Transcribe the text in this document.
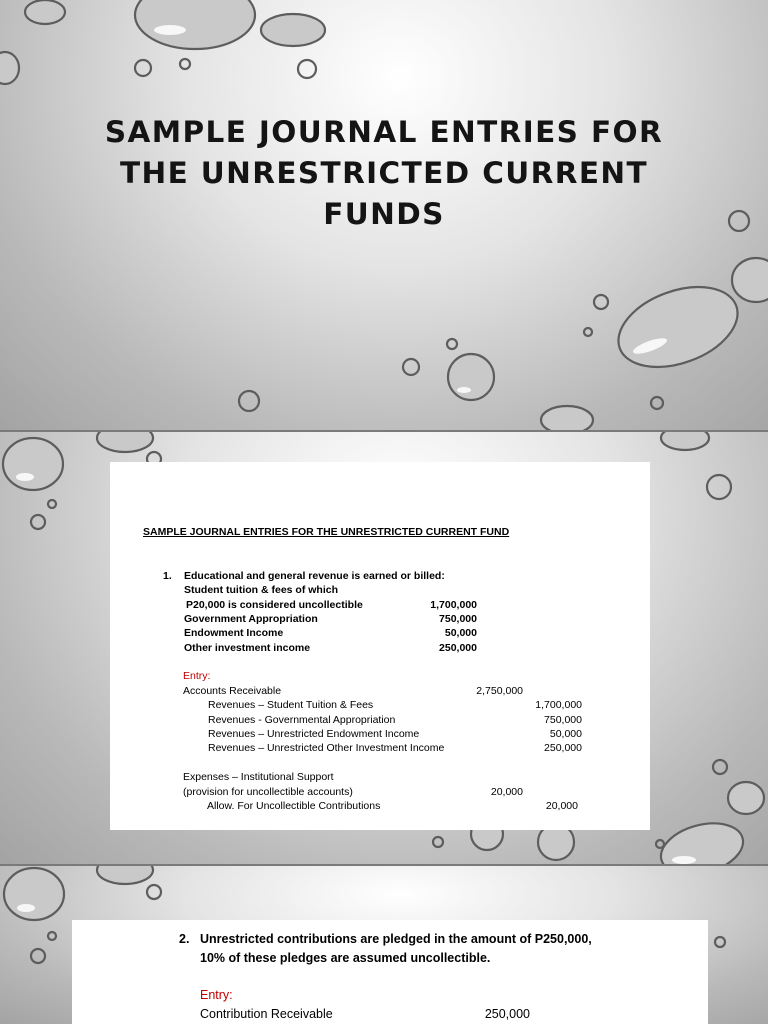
SAMPLE JOURNAL ENTRIES FOR THE UNRESTRICTED CURRENT FUNDS
SAMPLE JOURNAL ENTRIES FOR THE UNRESTRICTED CURRENT FUND
1. Educational and general revenue is earned or billed:
Student tuition & fees of which
P20,000 is considered uncollectible	1,700,000
Government Appropriation	750,000
Endowment Income	50,000
Other investment income	250,000
Entry:
Accounts Receivable	2,750,000
Revenues – Student Tuition & Fees	1,700,000
Revenues - Governmental Appropriation	750,000
Revenues – Unrestricted Endowment Income	50,000
Revenues – Unrestricted Other Investment Income	250,000
Expenses – Institutional Support
(provision for uncollectible accounts)	20,000
Allow. For Uncollectible Contributions	20,000
2. Unrestricted contributions are pledged in the amount of P250,000,
10% of these pledges are assumed uncollectible.
Entry:
Contribution Receivable	250,000
